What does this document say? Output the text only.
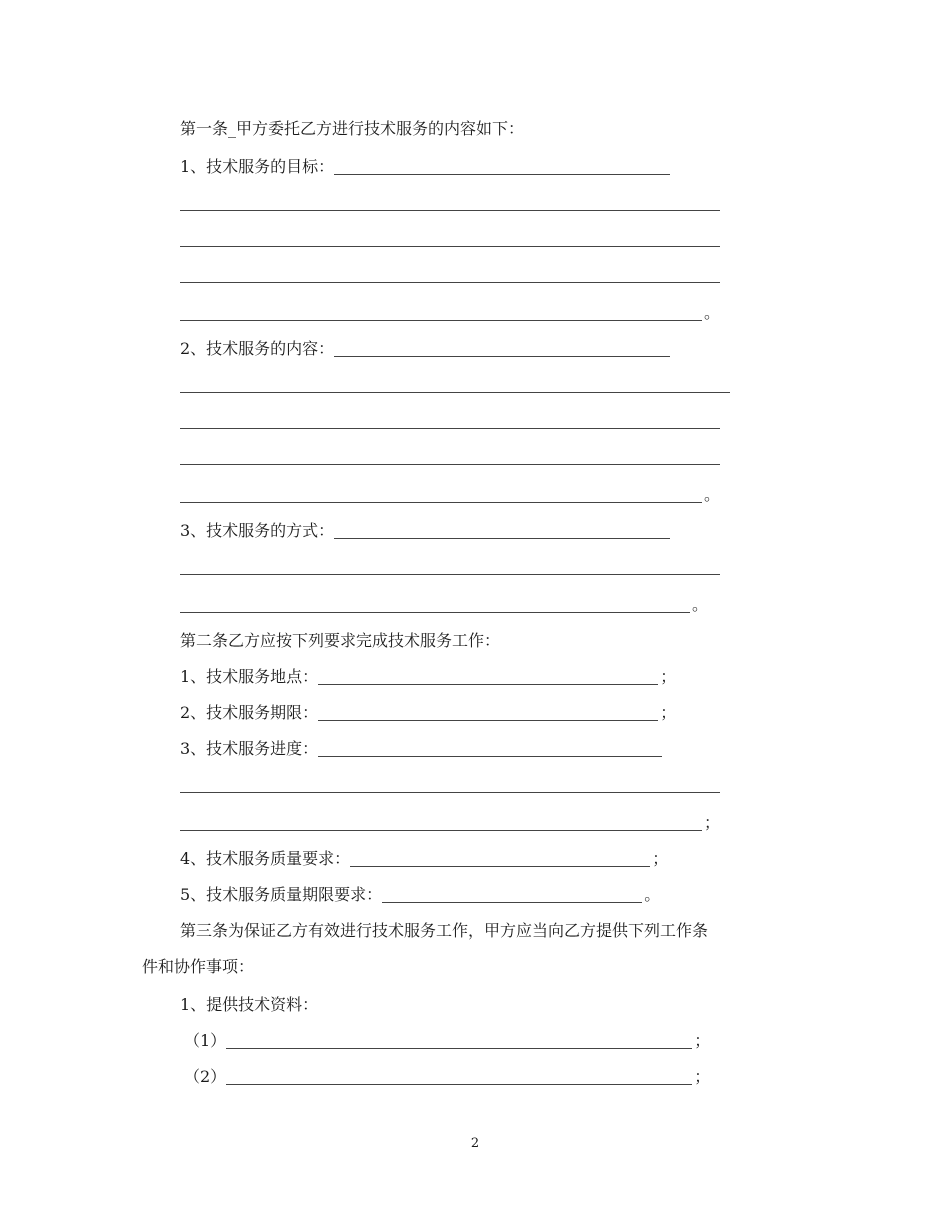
第一条_甲方委托乙方进行技术服务的内容如下：
1、技术服务的目标：
。
2、技术服务的内容：
。
3、技术服务的方式：
。
第二条乙方应按下列要求完成技术服务工作：
1、技术服务地点：	；
2、技术服务期限：	；
3、技术服务进度：
；
4、技术服务质量要求：	；
5、技术服务质量期限要求：	。
第三条为保证乙方有效进行技术服务工作，甲方应当向乙方提供下列工作条
件和协作事项：
1、提供技术资料：
（1）	；
（2）	；
2
